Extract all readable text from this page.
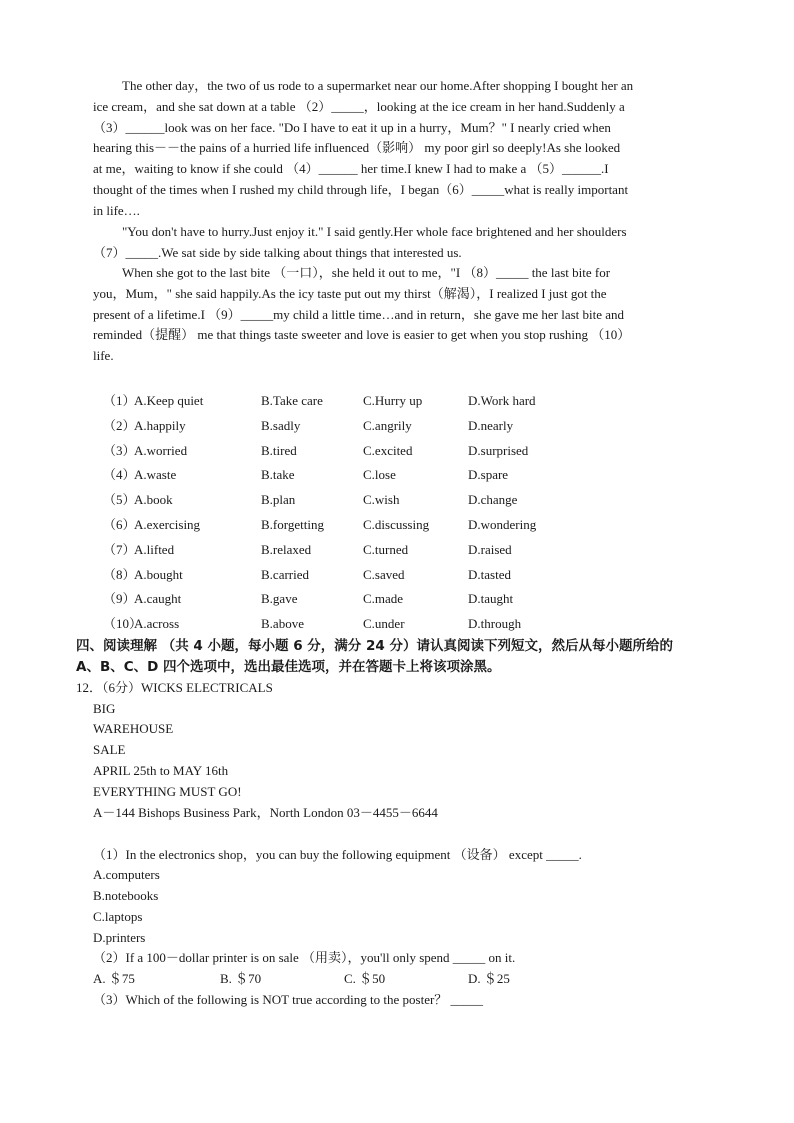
The other day，the two of us rode to a supermarket near our home.After shopping I bought her an
ice cream，and she sat down at a table （2）_____，looking at the ice cream in her hand.Suddenly a
（3）______look was on her face. "Do I have to eat it up in a hurry，Mum？" I nearly cried when
hearing this－－the pains of a hurried life influenced（影响） my poor girl so deeply!As she looked
at me，waiting to know if she could （4）______ her time.I knew I had to make a （5）______.I
thought of the times when I rushed my child through life，I began（6）_____what is really important
in life….
"You don't have to hurry.Just enjoy it." I said gently.Her whole face brightened and her shoulders
（7）_____.We sat side by side talking about things that interested us.
When she got to the last bite （一口），she held it out to me，"I （8）_____ the last bite for
you，Mum，" she said happily.As the icy taste put out my thirst（解渴），I realized I just got the
present of a lifetime.I （9）_____my child a little time…and in return，she gave me her last bite and
reminded（提醒） me that things taste sweeter and love is easier to get when you stop rushing （10）
life.
（1）
A.Keep quiet	B.Take care	C.Hurry up	D.Work hard
（2）
A.happily	B.sadly	C.angrily	D.nearly
（3）
A.worried	B.tired	C.excited	D.surprised
（4）
A.waste	B.take	C.lose	D.spare
（5）
A.book	B.plan	C.wish	D.change
（6）
A.exercising	B.forgetting	C.discussing	D.wondering
（7）
A.lifted	B.relaxed	C.turned	D.raised
（8）
A.bought	B.carried	C.saved	D.tasted
（9）
A.caught	B.gave	C.made	D.taught
（10）
A.across	B.above	C.under	D.through
四、阅读理解 （共 4 小题，每小题 6 分，满分 24 分）请认真阅读下列短文，然后从每小题所给的
A、B、C、D 四个选项中，选出最佳选项，并在答题卡上将该项涂黑。
12．（6分）WICKS ELECTRICALS
BIG
WAREHOUSE
SALE
APRIL 25th to MAY 16th
EVERYTHING MUST GO!
A－144 Bishops Business Park，North London 03－4455－6644
（1）In the electronics shop，you can buy the following equipment （设备） except _____.
A.computers
B.notebooks
C.laptops
D.printers
（2）If a 100－dollar printer is on sale （用卖），you'll only spend _____ on it.
A. ＄75	B. ＄70	C. ＄50	D. ＄25
（3）Which of the following is NOT true according to the poster？ _____
